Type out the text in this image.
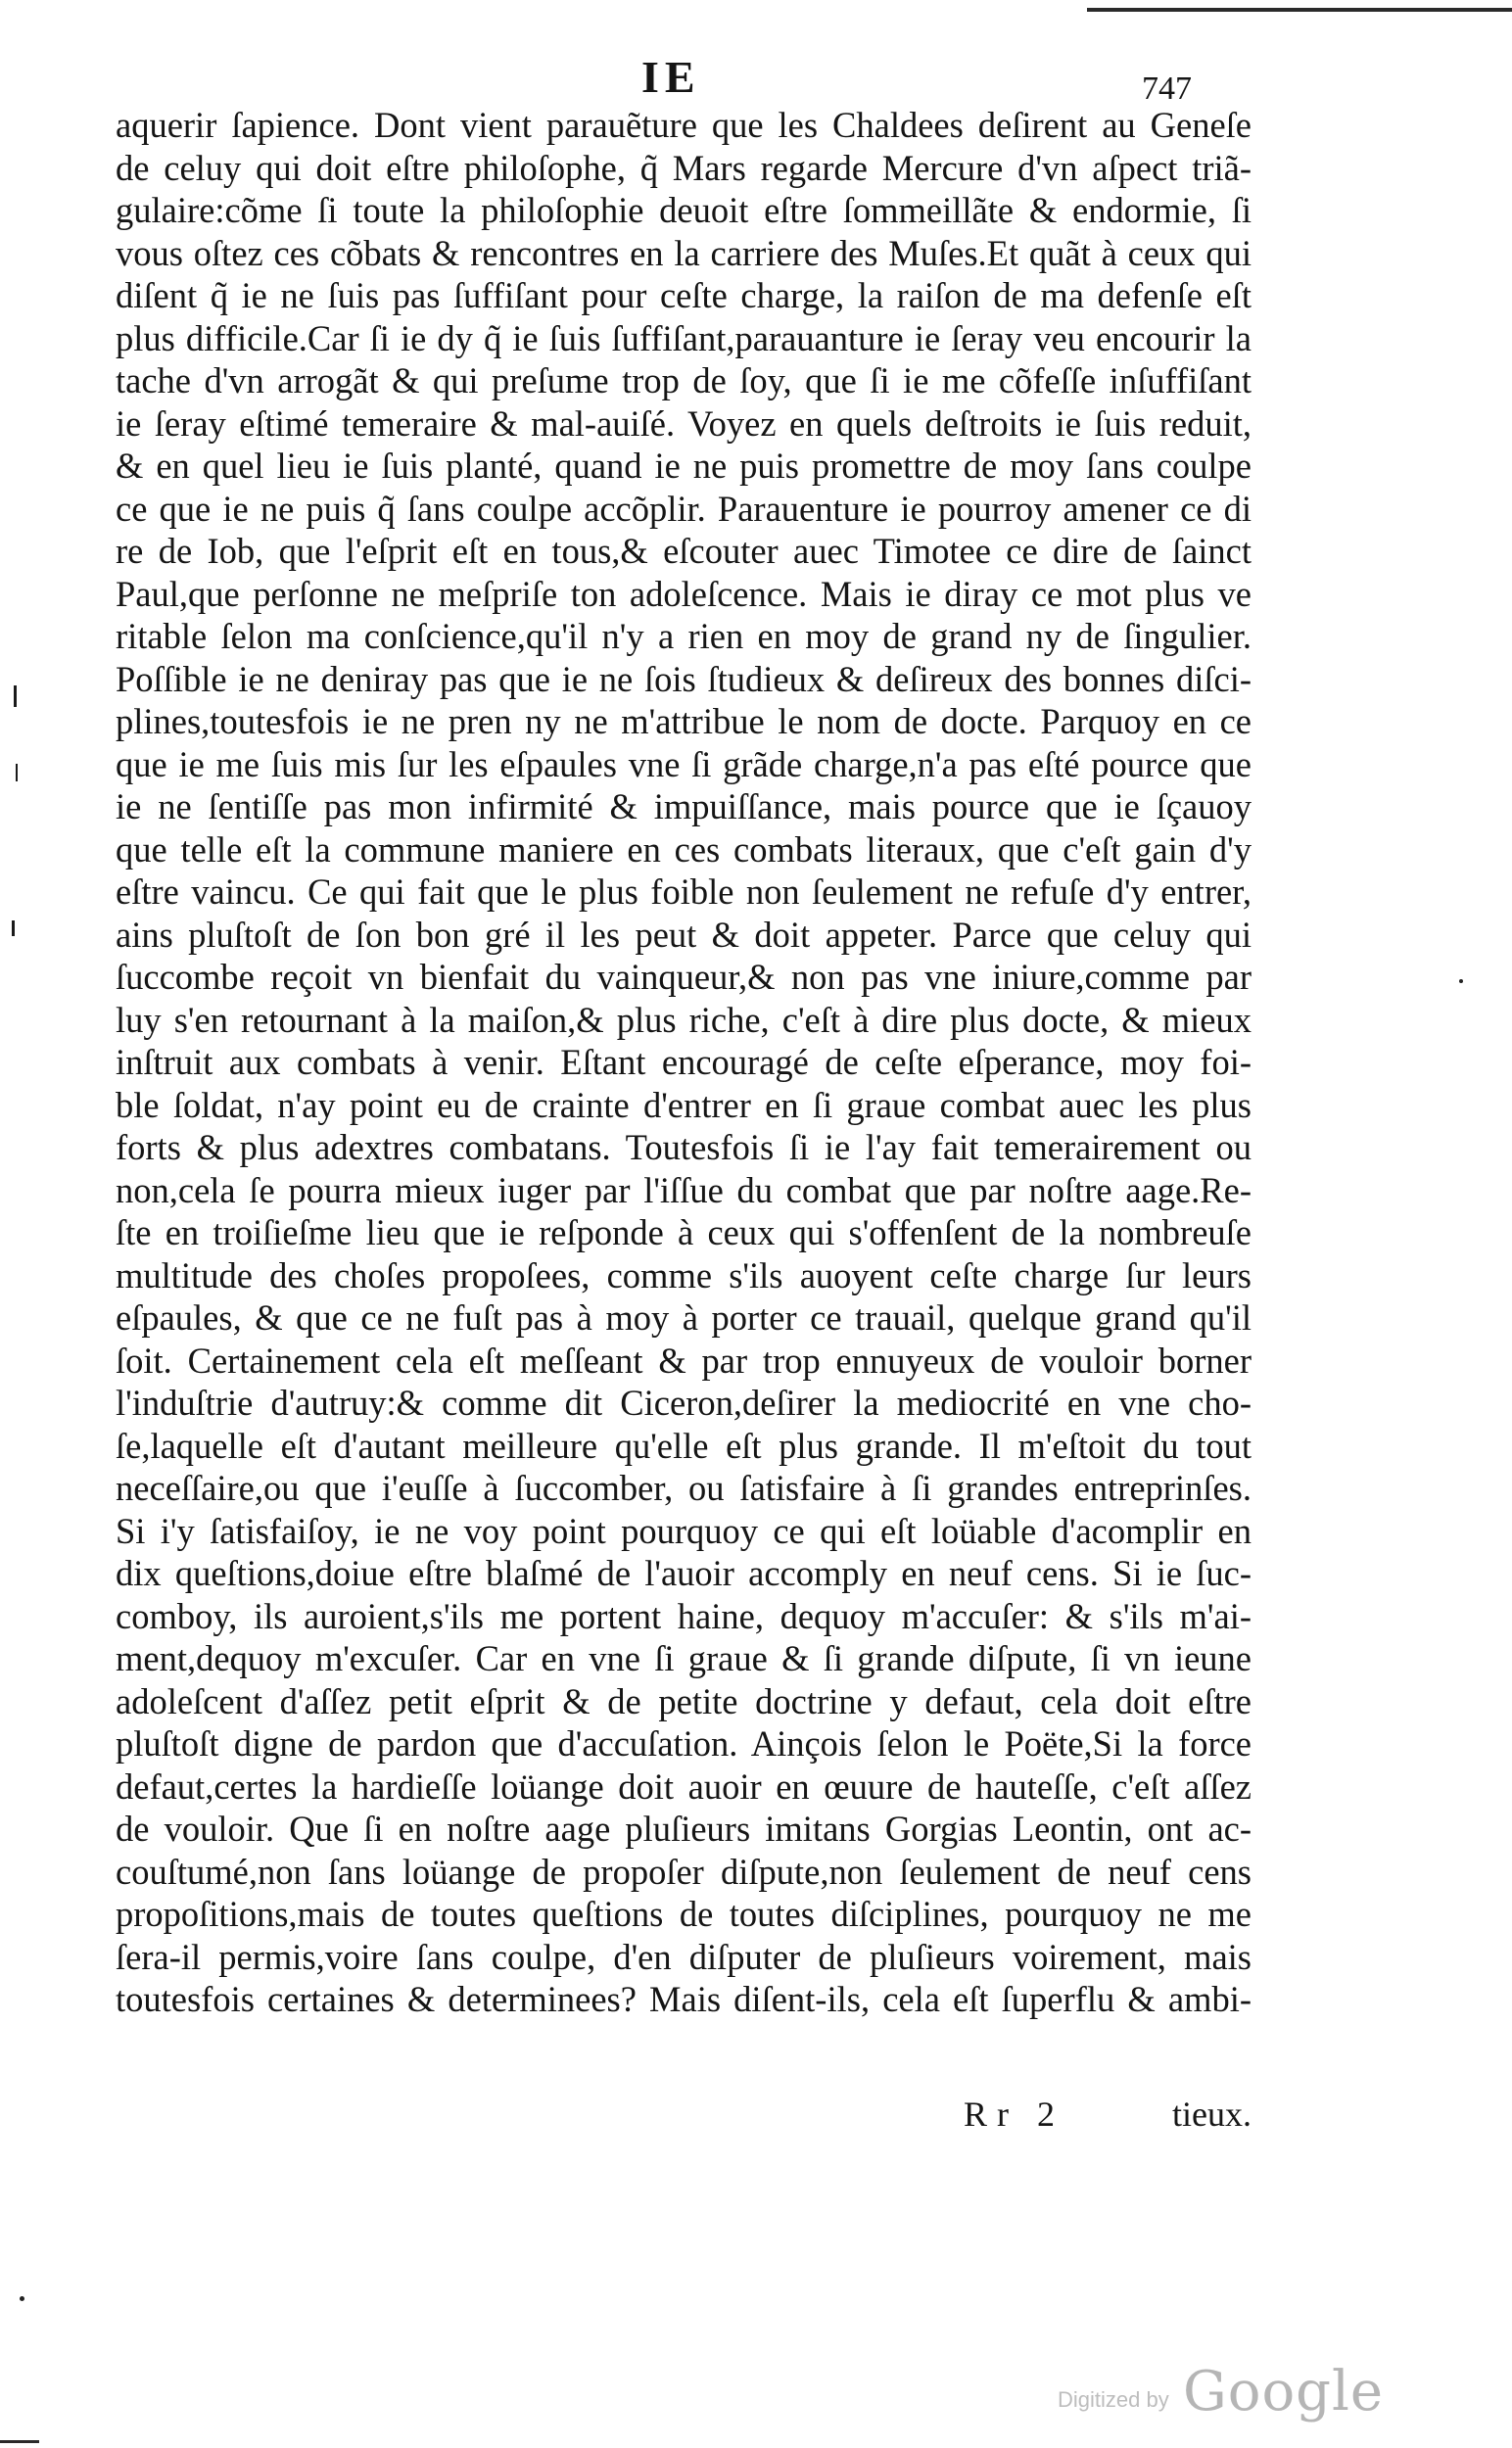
IE	747
aquerir ſapience. Dont vient parauẽture que les Chaldees deſirent au Geneſe
de celuy qui doit eſtre philoſophe, q̃ Mars regarde Mercure d'vn aſpect triã-
gulaire:cõme ſi toute la philoſophie deuoit eſtre ſommeillãte & endormie, ſi
vous oſtez ces cõbats & rencontres en la carriere des Muſes.Et quãt à ceux qui
diſent q̃ ie ne ſuis pas ſuffiſant pour ceſte charge, la raiſon de ma defenſe eſt
plus difficile.Car ſi ie dy q̃ ie ſuis ſuffiſant,parauanture ie ſeray veu encourir la
tache d'vn arrogãt & qui preſume trop de ſoy, que ſi ie me cõfeſſe inſuffiſant
ie ſeray eſtimé temeraire & mal-auiſé. Voyez en quels deſtroits ie ſuis reduit,
& en quel lieu ie ſuis planté, quand ie ne puis promettre de moy ſans coulpe
ce que ie ne puis q̃ ſans coulpe accõplir. Parauenture ie pourroy amener ce di
re de Iob, que l'eſprit eſt en tous,& eſcouter auec Timotee ce dire de ſainct
Paul,que perſonne ne meſpriſe ton adoleſcence. Mais ie diray ce mot plus ve
ritable ſelon ma conſcience,qu'il n'y a rien en moy de grand ny de ſingulier.
Poſſible ie ne deniray pas que ie ne ſois ſtudieux & deſireux des bonnes diſci-
plines,toutesfois ie ne pren ny ne m'attribue le nom de docte. Parquoy en ce
que ie me ſuis mis ſur les eſpaules vne ſi grãde charge,n'a pas eſté pource que
ie ne ſentiſſe pas mon infirmité & impuiſſance, mais pource que ie ſçauoy
que telle eſt la commune maniere en ces combats literaux, que c'eſt gain d'y
eſtre vaincu. Ce qui fait que le plus foible non ſeulement ne refuſe d'y entrer,
ains pluſtoſt de ſon bon gré il les peut & doit appeter. Parce que celuy qui
ſuccombe reçoit vn bienfait du vainqueur,& non pas vne iniure,comme par
luy s'en retournant à la maiſon,& plus riche, c'eſt à dire plus docte, & mieux
inſtruit aux combats à venir. Eſtant encouragé de ceſte eſperance, moy foi-
ble ſoldat, n'ay point eu de crainte d'entrer en ſi graue combat auec les plus
forts & plus adextres combatans. Toutesfois ſi ie l'ay fait temerairement ou
non,cela ſe pourra mieux iuger par l'iſſue du combat que par noſtre aage.Re-
ſte en troiſieſme lieu que ie reſponde à ceux qui s'offenſent de la nombreuſe
multitude des choſes propoſees, comme s'ils auoyent ceſte charge ſur leurs
eſpaules, & que ce ne fuſt pas à moy à porter ce trauail, quelque grand qu'il
ſoit. Certainement cela eſt meſſeant & par trop ennuyeux de vouloir borner
l'induſtrie d'autruy:& comme dit Ciceron,deſirer la mediocrité en vne cho-
ſe,laquelle eſt d'autant meilleure qu'elle eſt plus grande. Il m'eſtoit du tout
neceſſaire,ou que i'euſſe à ſuccomber, ou ſatisfaire à ſi grandes entreprinſes.
Si i'y ſatisfaiſoy, ie ne voy point pourquoy ce qui eſt loüable d'acomplir en
dix queſtions,doiue eſtre blaſmé de l'auoir accomply en neuf cens. Si ie ſuc-
comboy, ils auroient,s'ils me portent haine, dequoy m'accuſer: & s'ils m'ai-
ment,dequoy m'excuſer. Car en vne ſi graue & ſi grande diſpute, ſi vn ieune
adoleſcent d'aſſez petit eſprit & de petite doctrine y defaut, cela doit eſtre
pluſtoſt digne de pardon que d'accuſation. Ainçois ſelon le Poëte,Si la force
defaut,certes la hardieſſe loüange doit auoir en œuure de hauteſſe, c'eſt aſſez
de vouloir. Que ſi en noſtre aage pluſieurs imitans Gorgias Leontin, ont ac-
couſtumé,non ſans loüange de propoſer diſpute,non ſeulement de neuf cens
propoſitions,mais de toutes queſtions de toutes diſciplines, pourquoy ne me
ſera-il permis,voire ſans coulpe, d'en diſputer de pluſieurs voirement, mais
toutesfois certaines & determinees? Mais diſent-ils, cela eſt ſuperflu & ambi-
Rr 2	tieux.
Digitized by Google
